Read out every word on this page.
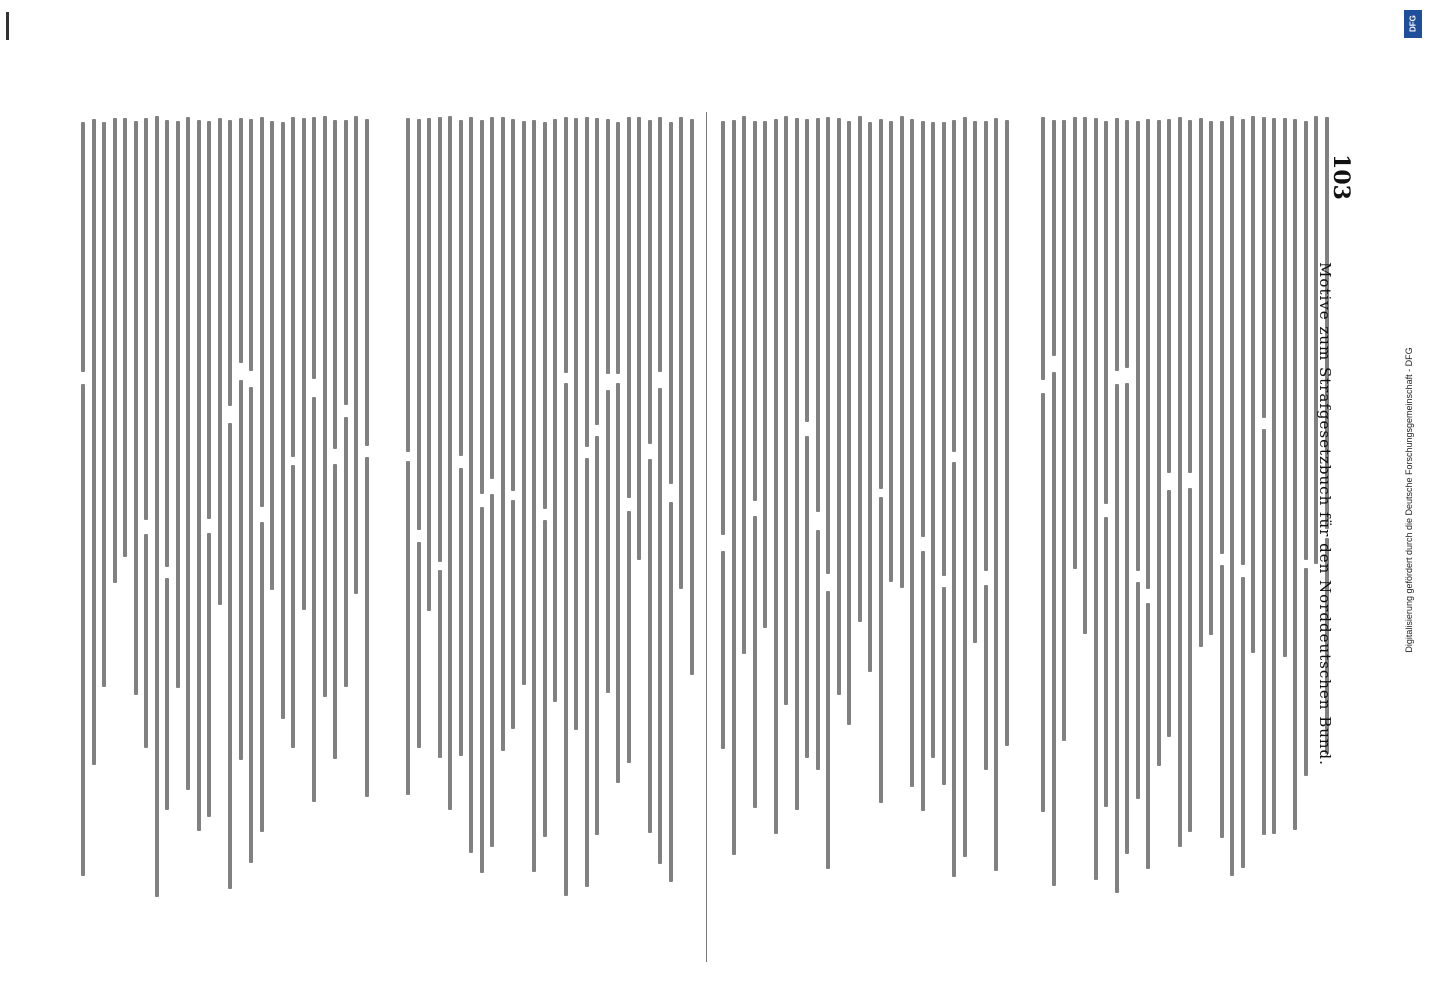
Motive zum Strafgesetzbuch für den Norddeutschen Bund.
103
Digitalisierung gefördert durch die Deutsche Forschungsgemeinschaft - DFG
DFG
